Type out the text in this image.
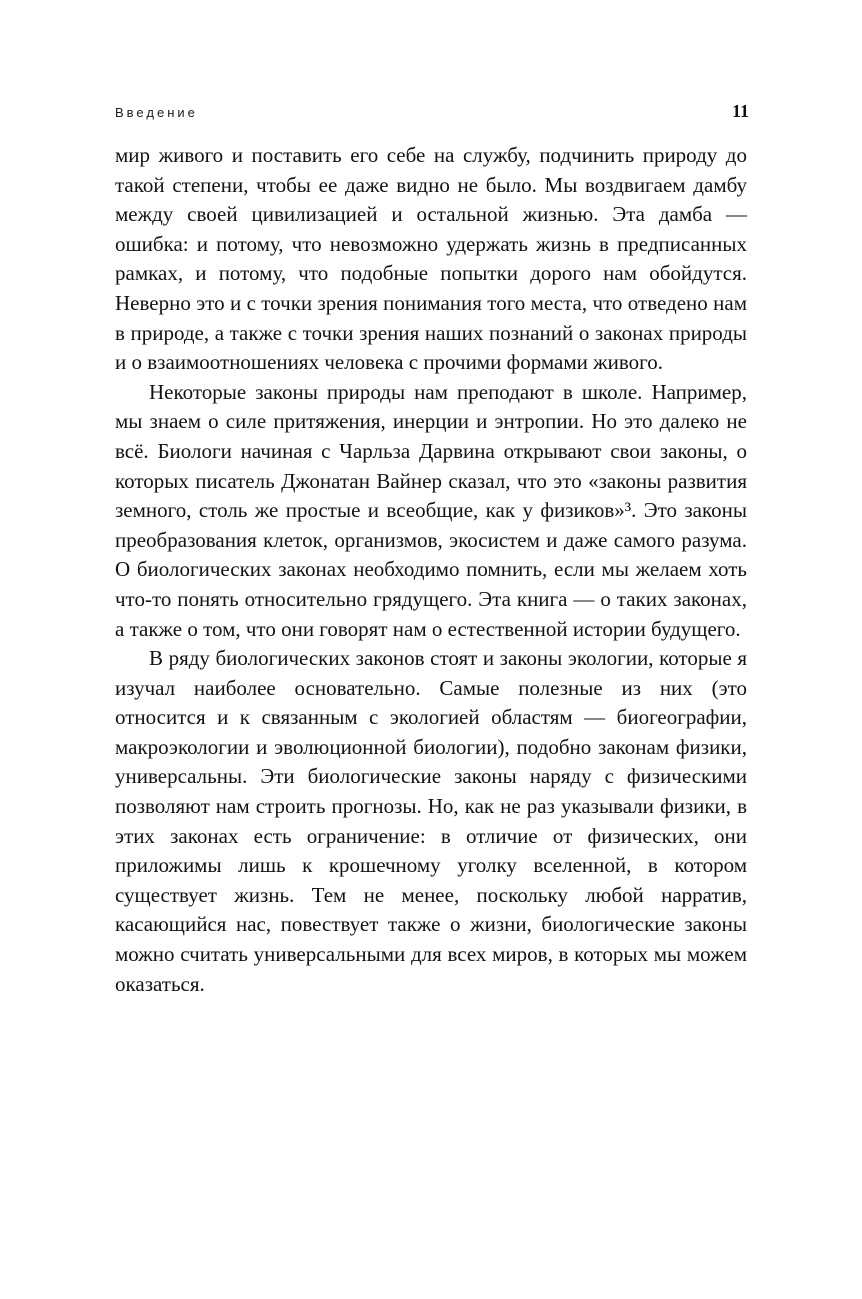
Введение	11

мир живого и поставить его себе на службу, подчинить природу до такой степени, чтобы ее даже видно не было. Мы воздвигаем дамбу между своей цивилизацией и остальной жизнью. Эта дамба — ошибка: и потому, что невозможно удержать жизнь в предписанных рамках, и потому, что подобные попытки дорого нам обойдутся. Неверно это и с точки зрения понимания того места, что отведено нам в природе, а также с точки зрения наших познаний о законах природы и о взаимоотношениях человека с прочими формами живого.

Некоторые законы природы нам преподают в школе. Например, мы знаем о силе притяжения, инерции и энтропии. Но это далеко не всё. Биологи начиная с Чарльза Дарвина открывают свои законы, о которых писатель Джонатан Вайнер сказал, что это «законы развития земного, столь же простые и всеобщие, как у физиков»³. Это законы преобразования клеток, организмов, экосистем и даже самого разума. О биологических законах необходимо помнить, если мы желаем хоть что-то понять относительно грядущего. Эта книга — о таких законах, а также о том, что они говорят нам о естественной истории будущего.

В ряду биологических законов стоят и законы экологии, которые я изучал наиболее основательно. Самые полезные из них (это относится и к связанным с экологией областям — биогеографии, макроэкологии и эволюционной биологии), подобно законам физики, универсальны. Эти биологические законы наряду с физическими позволяют нам строить прогнозы. Но, как не раз указывали физики, в этих законах есть ограничение: в отличие от физических, они приложимы лишь к крошечному уголку вселенной, в котором существует жизнь. Тем не менее, поскольку любой нарратив, касающийся нас, повествует также о жизни, биологические законы можно считать универсальными для всех миров, в которых мы можем оказаться.
